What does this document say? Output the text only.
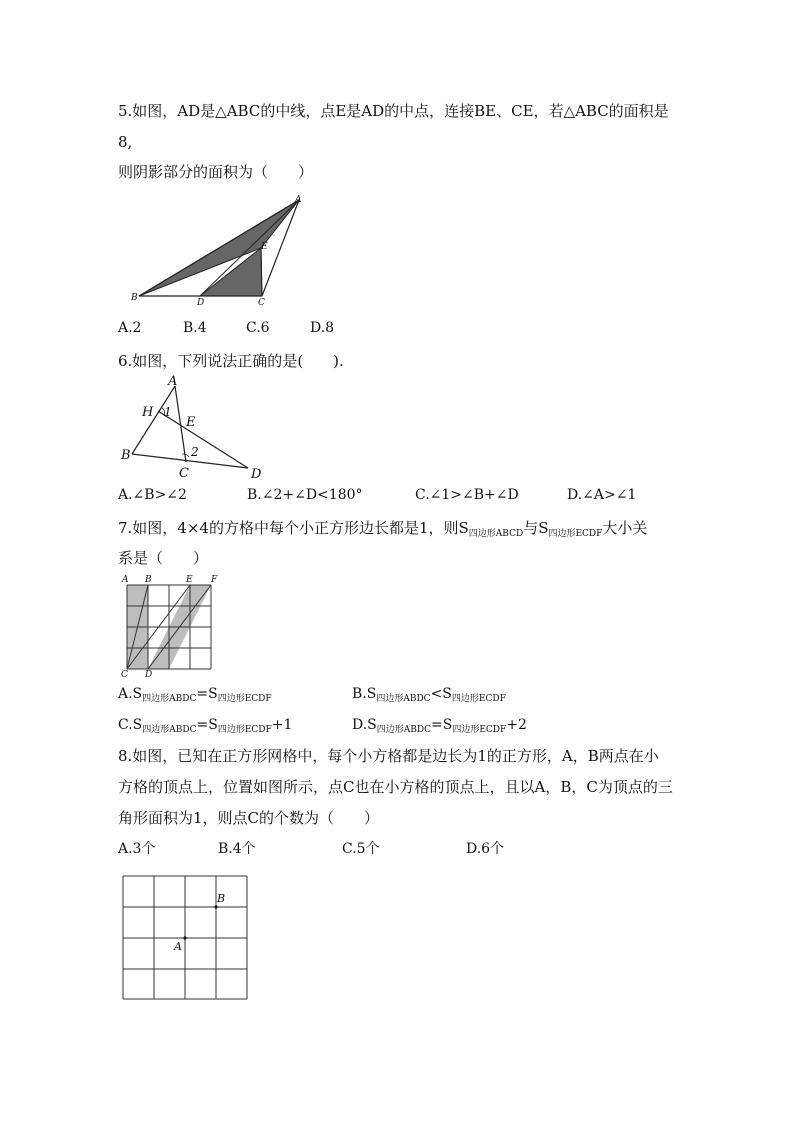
5.如图，AD是△ABC的中线，点E是AD的中点，连接BE、CE，若△ABC的面积是
8,
则阴影部分的面积为（　　）
A
E
B	D	C
A.2	B.4	C.6	D.8
6.如图，下列说法正确的是(　　).
A
H 1
E
B	2
C	D
A.∠B>∠2	B.∠2+∠D<180°	C.∠1>∠B+∠D	D.∠A>∠1
7.如图，4×4的方格中每个小正方形边长都是1，则$S_{四边形ABCD}$与$S_{四边形ECDF}$大小关
系是（　　）
A B	E F
C D
$A.S_{四边形ABDC}=S_{四边形ECDF}$	$B.S_{四边形ABDC}<S_{四边形ECDF}$
$C.S_{四边形ABDC}=S_{四边形ECDF}+1$	$D.S_{四边形ABDC}=S_{四边形ECDF}+2$
8.如图，已知在正方形网格中，每个小方格都是边长为1的正方形，A，B两点在小
方格的顶点上，位置如图所示，点C也在小方格的顶点上，且以A，B，C为顶点的三
角形面积为1，则点C的个数为（　　）
A.3个	B.4个	C.5个	D.6个
A
B
